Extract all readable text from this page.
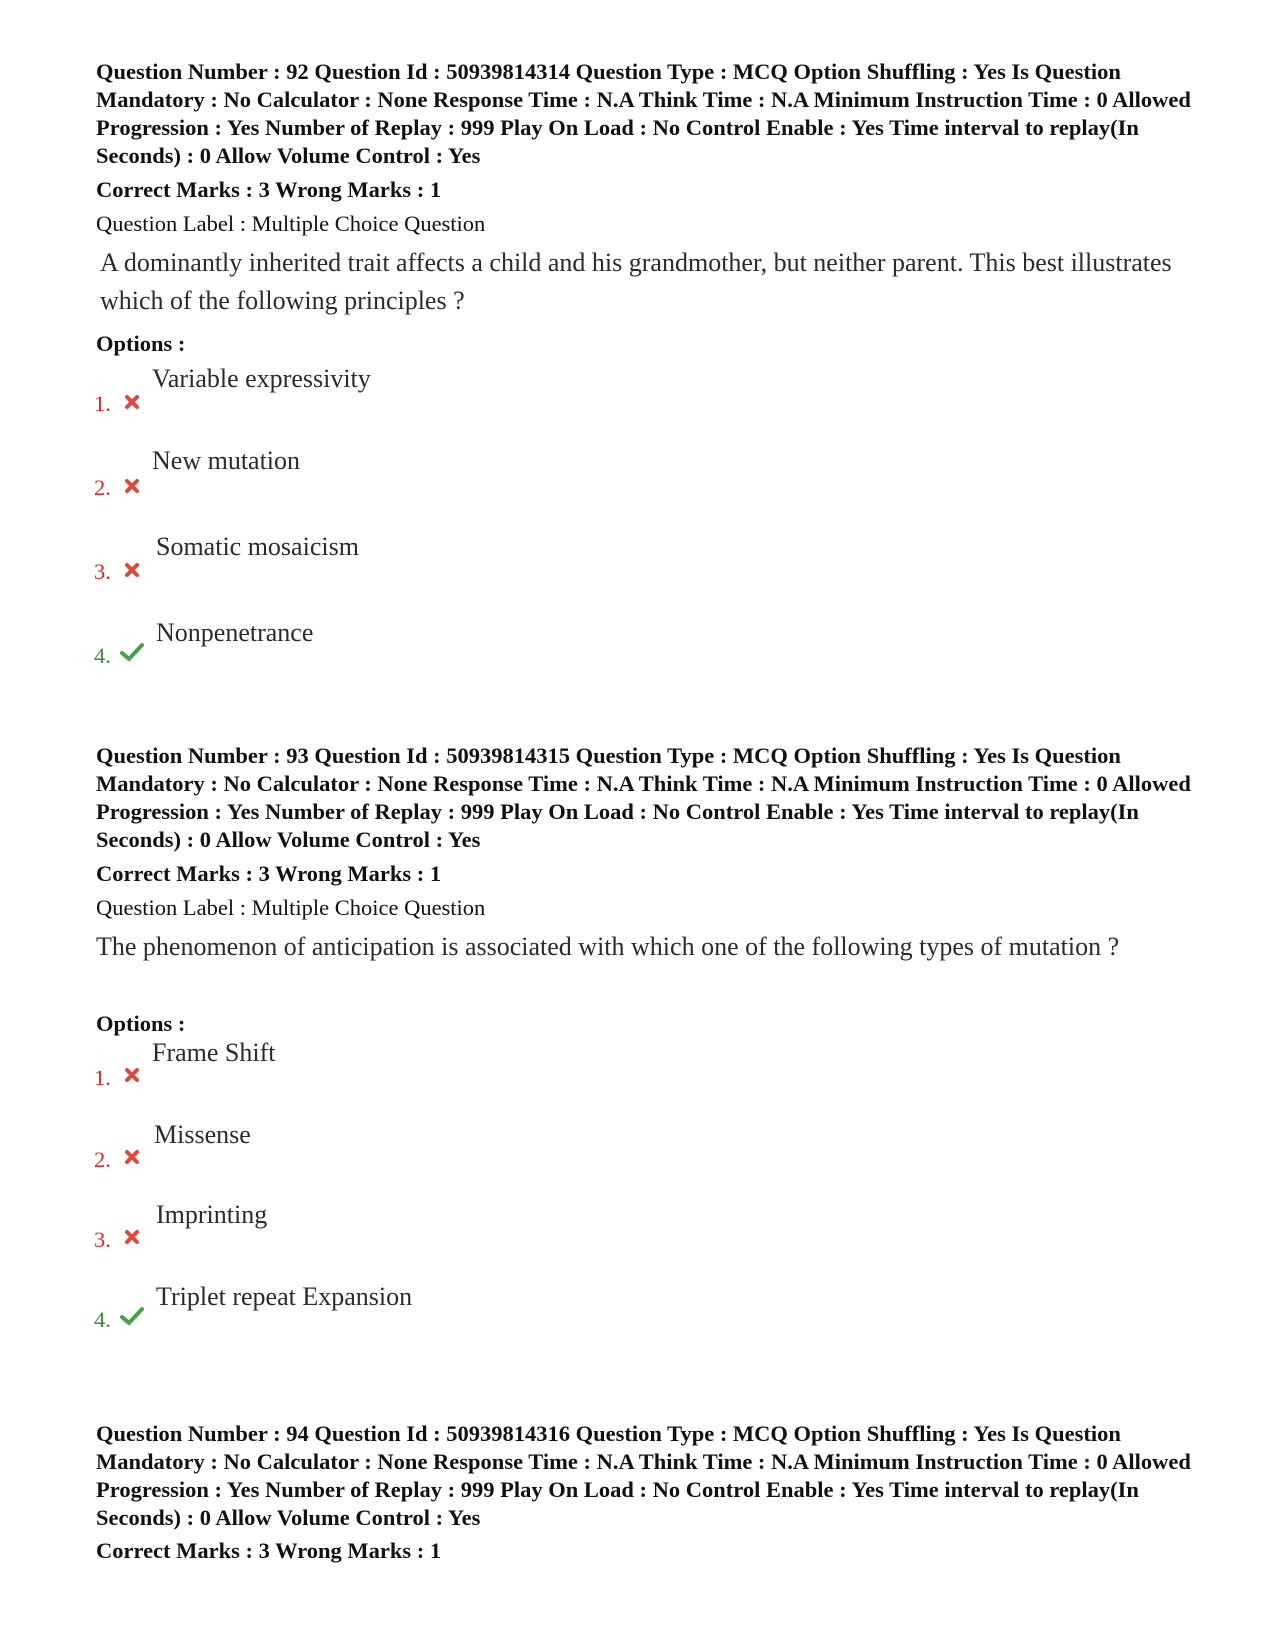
Question Number : 92 Question Id : 50939814314 Question Type : MCQ Option Shuffling : Yes Is Question Mandatory : No Calculator : None Response Time : N.A Think Time : N.A Minimum Instruction Time : 0 Allowed Progression : Yes Number of Replay : 999 Play On Load : No Control Enable : Yes Time interval to replay(In Seconds) : 0 Allow Volume Control : Yes

Correct Marks : 3 Wrong Marks : 1
Question Label : Multiple Choice Question
A dominantly inherited trait affects a child and his grandmother, but neither parent. This best illustrates which of the following principles ?
Options :
1.
Variable expressivity
2.
New mutation
3.
Somatic mosaicism
4.
Nonpenetrance

Question Number : 93 Question Id : 50939814315 Question Type : MCQ Option Shuffling : Yes Is Question Mandatory : No Calculator : None Response Time : N.A Think Time : N.A Minimum Instruction Time : 0 Allowed Progression : Yes Number of Replay : 999 Play On Load : No Control Enable : Yes Time interval to replay(In Seconds) : 0 Allow Volume Control : Yes

Correct Marks : 3 Wrong Marks : 1
Question Label : Multiple Choice Question
The phenomenon of anticipation is associated with which one of the following types of mutation ?
Options :
1.
Frame Shift
2.
Missense
3.
Imprinting
4.
Triplet repeat Expansion

Question Number : 94 Question Id : 50939814316 Question Type : MCQ Option Shuffling : Yes Is Question Mandatory : No Calculator : None Response Time : N.A Think Time : N.A Minimum Instruction Time : 0 Allowed Progression : Yes Number of Replay : 999 Play On Load : No Control Enable : Yes Time interval to replay(In Seconds) : 0 Allow Volume Control : Yes

Correct Marks : 3 Wrong Marks : 1
